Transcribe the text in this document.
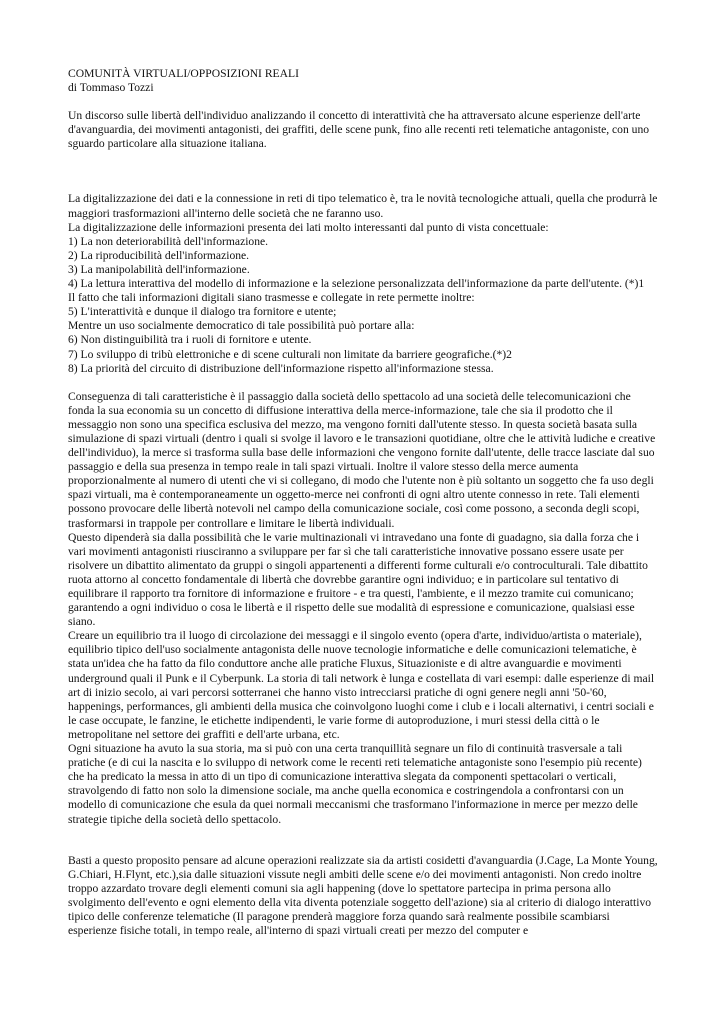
COMUNITÀ VIRTUALI/OPPOSIZIONI REALI

di Tommaso Tozzi

Un discorso sulle libertà dell'individuo analizzando il concetto di interattività che ha attraversato alcune esperienze dell'arte d'avanguardia, dei movimenti antagonisti, dei graffiti, delle scene punk, fino alle recenti reti telematiche antagoniste, con uno sguardo particolare alla situazione italiana.

La digitalizzazione dei dati e la connessione in reti di tipo telematico è, tra le novità tecnologiche attuali, quella che produrrà le maggiori trasformazioni all'interno delle società che ne faranno uso.

La digitalizzazione delle informazioni presenta dei lati molto interessanti dal punto di vista concettuale:

1) La non deteriorabilità dell'informazione.

2) La riproducibilità dell'informazione.

3) La manipolabilità dell'informazione.

4) La lettura interattiva del modello di informazione e la selezione personalizzata dell'informazione da parte dell'utente. (*)1

Il fatto che tali informazioni digitali siano trasmesse e collegate in rete permette inoltre:

5) L'interattività e dunque il dialogo tra fornitore e utente;

Mentre un uso socialmente democratico di tale possibilità può portare alla:

6) Non distinguibilità tra i ruoli di fornitore e utente.

7) Lo sviluppo di tribù elettroniche e di scene culturali non limitate da barriere geografiche.(*)2

8) La priorità del circuito di distribuzione dell'informazione rispetto all'informazione stessa.

Conseguenza di tali caratteristiche è il passaggio dalla società dello spettacolo ad una società delle telecomunicazioni che fonda la sua economia su un concetto di diffusione interattiva della merce-informazione, tale che sia il prodotto che il messaggio non sono una specifica esclusiva del mezzo, ma vengono forniti dall'utente stesso. In questa società basata sulla simulazione di spazi virtuali (dentro i quali si svolge il lavoro e le transazioni quotidiane, oltre che le attività ludiche e creative dell'individuo), la merce si trasforma sulla base delle informazioni che vengono fornite dall'utente, delle tracce lasciate dal suo passaggio e della sua presenza in tempo reale in tali spazi virtuali. Inoltre il valore stesso della merce aumenta proporzionalmente al numero di utenti che vi si collegano, di modo che l'utente non è più soltanto un soggetto che fa uso degli spazi virtuali, ma è contemporaneamente un oggetto-merce nei confronti di ogni altro utente connesso in rete. Tali elementi possono provocare delle libertà notevoli nel campo della comunicazione sociale, così come possono, a seconda degli scopi, trasformarsi in trappole per controllare e limitare le libertà individuali.

Questo dipenderà sia dalla possibilità che le varie multinazionali vi intravedano una fonte di guadagno, sia dalla forza che i vari movimenti antagonisti riusciranno a sviluppare per far sì che tali caratteristiche innovative possano essere usate per risolvere un dibattito alimentato da gruppi o singoli appartenenti a differenti forme culturali e/o controculturali. Tale dibattito ruota attorno al concetto fondamentale di libertà che dovrebbe garantire ogni individuo; e in particolare sul tentativo di equilibrare il rapporto tra fornitore di informazione e fruitore - e tra questi, l'ambiente, e il mezzo tramite cui comunicano; garantendo a ogni individuo o cosa le libertà e il rispetto delle sue modalità di espressione e comunicazione, qualsiasi esse siano.

Creare un equilibrio tra il luogo di circolazione dei messaggi e il singolo evento (opera d'arte, individuo/artista o materiale), equilibrio tipico dell'uso socialmente antagonista delle nuove tecnologie informatiche e delle comunicazioni telematiche, è stata un'idea che ha fatto da filo conduttore anche alle pratiche Fluxus, Situazioniste e di altre avanguardie e movimenti underground quali il Punk e il Cyberpunk. La storia di tali network è lunga e costellata di vari esempi: dalle esperienze di mail art di inizio secolo, ai vari percorsi sotterranei che hanno visto intrecciarsi pratiche di ogni genere negli anni '50-'60, happenings, performances, gli ambienti della musica che coinvolgono luoghi come i club e i locali alternativi, i centri sociali e le case occupate, le fanzine, le etichette indipendenti, le varie forme di autoproduzione, i muri stessi della città o le metropolitane nel settore dei graffiti e dell'arte urbana, etc.

Ogni situazione ha avuto la sua storia, ma si può con una certa tranquillità segnare un filo di continuità trasversale a tali pratiche (e di cui la nascita e lo sviluppo di network come le recenti reti telematiche antagoniste sono l'esempio più recente) che ha predicato la messa in atto di un tipo di comunicazione interattiva slegata da componenti spettacolari o verticali, stravolgendo di fatto non solo la dimensione sociale, ma anche quella economica e costringendola a confrontarsi con un modello di comunicazione che esula da quei normali meccanismi che trasformano l'informazione in merce per mezzo delle strategie tipiche della società dello spettacolo.

Basti a questo proposito pensare ad alcune operazioni realizzate sia da artisti cosidetti d'avanguardia (J.Cage, La Monte Young, G.Chiari, H.Flynt, etc.),sia dalle situazioni vissute negli ambiti delle scene e/o dei movimenti antagonisti. Non credo inoltre troppo azzardato trovare degli elementi comuni sia agli happening (dove lo spettatore partecipa in prima persona allo svolgimento dell'evento e ogni elemento della vita diventa potenziale soggetto dell'azione) sia al criterio di dialogo interattivo tipico delle conferenze telematiche (Il paragone prenderà maggiore forza quando sarà realmente possibile scambiarsi esperienze fisiche totali, in tempo reale, all'interno di spazi virtuali creati per mezzo del computer e
